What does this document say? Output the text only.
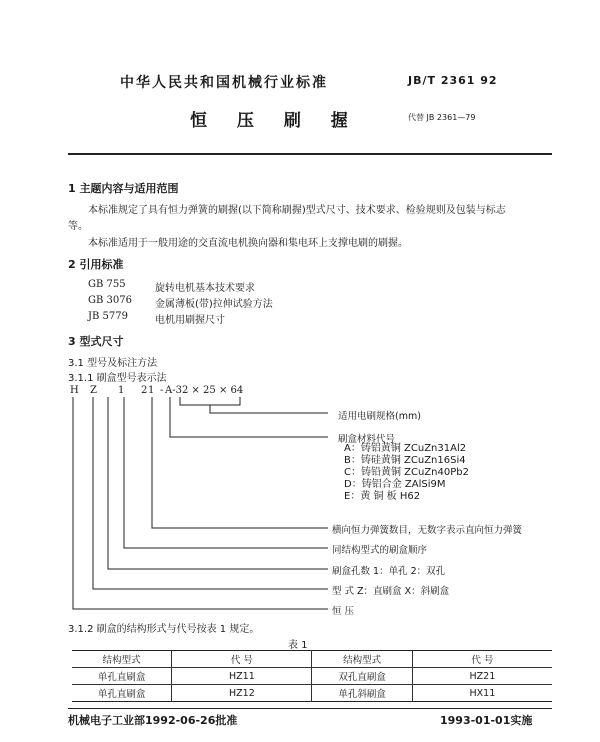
中华人民共和国机械行业标准	JB/T 2361 92
恒 压 刷 握	代替 JB 2361—79
1 主题内容与适用范围
本标准规定了具有恒力弹簧的刷握(以下简称刷握)型式尺寸、技术要求、检验规则及包装与标志
等。
本标准适用于一般用途的交直流电机换向器和集电环上支撑电刷的刷握。
2 引用标准
GB 755	旋转电机基本技术要求
GB 3076 金属薄板(带)拉伸试验方法
JB 5779	电机用刷握尺寸
3 型式尺寸
3.1 型号及标注方法
3.1.1 刷盒型号表示法
H Z 1 2 -
1 A-32 × 25 × 64
适用电刷规格(mm)
刷盒材料代号
A：铸铝黄铜 ZCuZn31Al2
B：铸硅黄铜 ZCuZn16Si4
C：铸铅黄铜 ZCuZn40Pb2
D：铸铝合金 ZAlSi9M
E：黄 铜 板 H62
横向恒力弹簧数目，无数字表示直向恒力弹簧
同结构型式的刷盒顺序
刷盒孔数 1：单孔 2：双孔
型 式 Z：直刷盒 X：斜刷盒
恒 压
3.1.2 刷盒的结构形式与代号按表 1 规定。
表 1
结构型式	代 号	结构型式	代 号
单孔直刷盒	HZ11	双孔直刷盒	HZ21
单孔直刷盒	HZ12	单孔斜刷盒	HX11
机械电子工业部1992-06-26批准	1993-01-01实施
